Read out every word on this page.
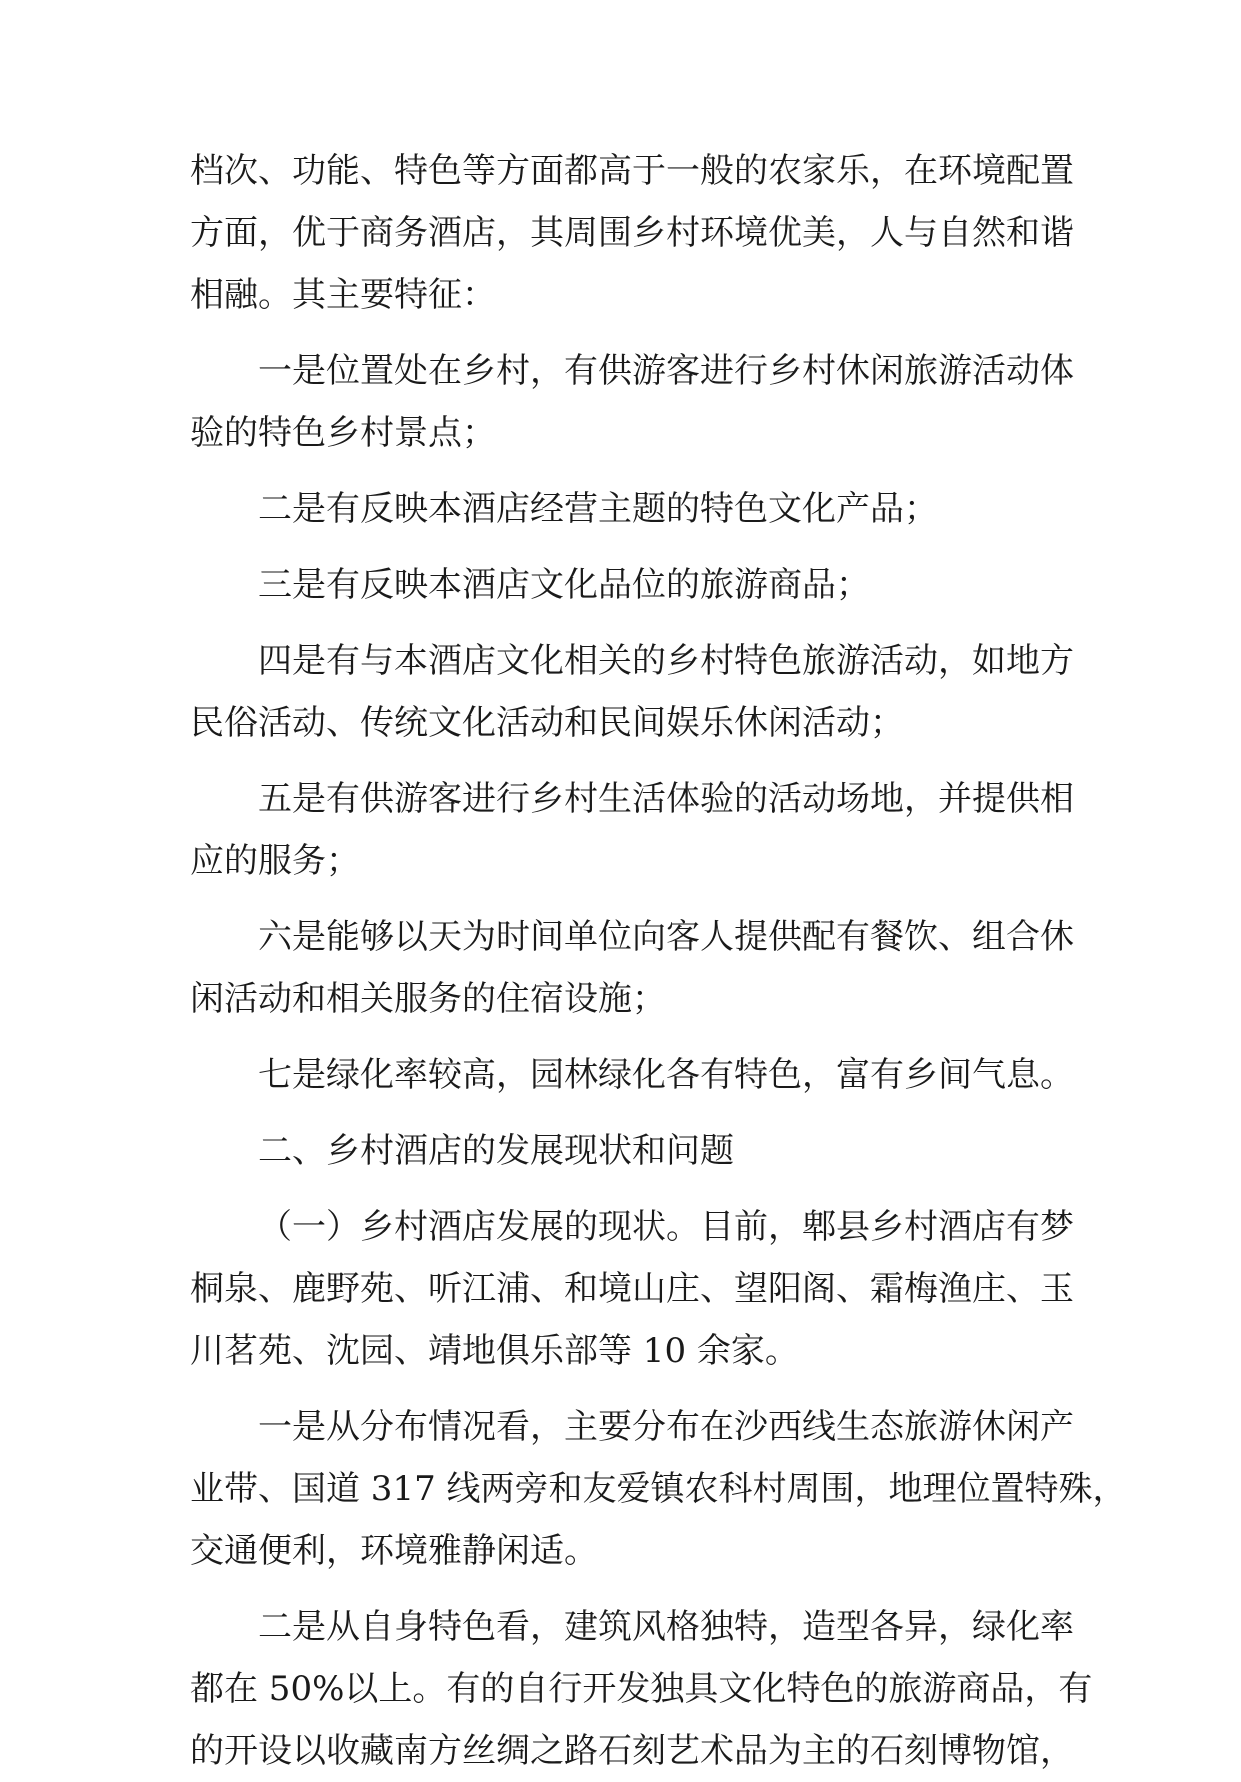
档次、功能、特色等方面都高于一般的农家乐，在环境配置
方面，优于商务酒店，其周围乡村环境优美，人与自然和谐
相融。其主要特征：
一是位置处在乡村，有供游客进行乡村休闲旅游活动体
验的特色乡村景点；
二是有反映本酒店经营主题的特色文化产品；
三是有反映本酒店文化品位的旅游商品；
四是有与本酒店文化相关的乡村特色旅游活动，如地方
民俗活动、传统文化活动和民间娱乐休闲活动；
五是有供游客进行乡村生活体验的活动场地，并提供相
应的服务；
六是能够以天为时间单位向客人提供配有餐饮、组合休
闲活动和相关服务的住宿设施；
七是绿化率较高，园林绿化各有特色，富有乡间气息。
二、乡村酒店的发展现状和问题
（一）乡村酒店发展的现状。目前，郫县乡村酒店有梦
桐泉、鹿野苑、听江浦、和境山庄、望阳阁、霜梅渔庄、玉
川茗苑、沈园、靖地俱乐部等 10 余家。
一是从分布情况看，主要分布在沙西线生态旅游休闲产
业带、国道 317 线两旁和友爱镇农科村周围，地理位置特殊，
交通便利，环境雅静闲适。
二是从自身特色看，建筑风格独特，造型各异，绿化率
都在 50%以上。有的自行开发独具文化特色的旅游商品，有
的开设以收藏南方丝绸之路石刻艺术品为主的石刻博物馆，
